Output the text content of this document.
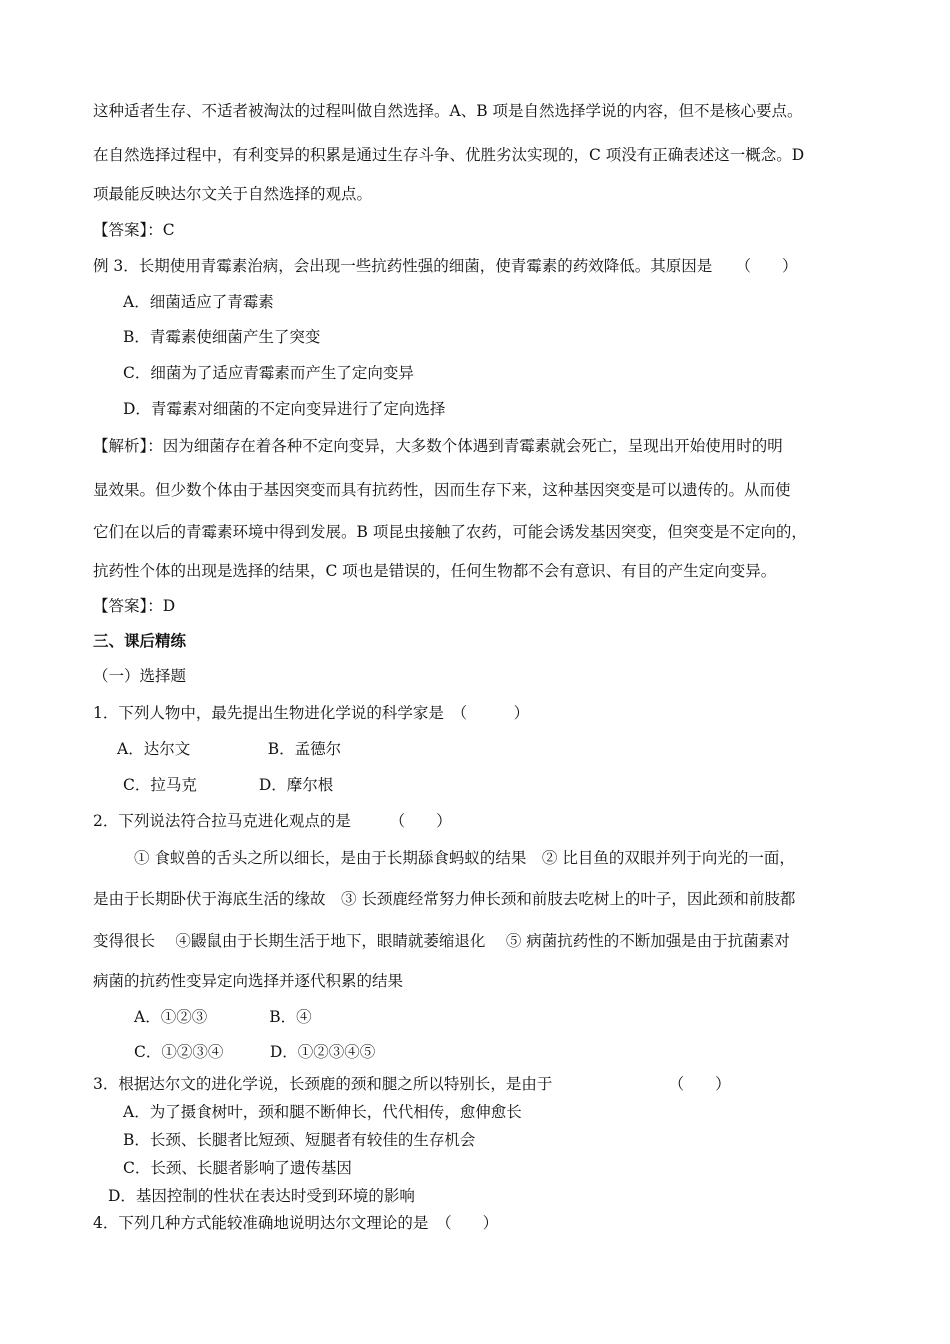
这种适者生存、不适者被淘汰的过程叫做自然选择。A、B 项是自然选择学说的内容，但不是核心要点。
在自然选择过程中，有利变异的积累是通过生存斗争、优胜劣汰实现的，C 项没有正确表述这一概念。D
项最能反映达尔文关于自然选择的观点。
【答案】：C
例 3．长期使用青霉素治病，会出现一些抗药性强的细菌，使青霉素的药效降低。其原因是　　（　　）
A．细菌适应了青霉素
B．青霉素使细菌产生了突变
C．细菌为了适应青霉素而产生了定向变异
D．青霉素对细菌的不定向变异进行了定向选择
【解析】：因为细菌存在着各种不定向变异，大多数个体遇到青霉素就会死亡，呈现出开始使用时的明
显效果。但少数个体由于基因突变而具有抗药性，因而生存下来，这种基因突变是可以遗传的。从而使
它们在以后的青霉素环境中得到发展。B 项昆虫接触了农药，可能会诱发基因突变，但突变是不定向的，
抗药性个体的出现是选择的结果，C 项也是错误的，任何生物都不会有意识、有目的产生定向变异。
【答案】：D
三、课后精练
（一）选择题
1．下列人物中，最先提出生物进化学说的科学家是　（　　　）
A．达尔文　　　　　B．孟德尔
C．拉马克　　　　D．摩尔根
2．下列说法符合拉马克进化观点的是　　　（　　）
① 食蚁兽的舌头之所以细长，是由于长期舔食蚂蚁的结果　② 比目鱼的双眼并列于向光的一面，
是由于长期卧伏于海底生活的缘故　③ 长颈鹿经常努力伸长颈和前肢去吃树上的叶子，因此颈和前肢都
变得很长　 ④鼹鼠由于长期生活于地下，眼睛就萎缩退化　 ⑤ 病菌抗药性的不断加强是由于抗菌素对
病菌的抗药性变异定向选择并逐代积累的结果
A．①②③　　　　B．④
C．①②③④　　　D．①②③④⑤
3．根据达尔文的进化学说，长颈鹿的颈和腿之所以特别长，是由于　　　　　　　　（　　）
A．为了摄食树叶，颈和腿不断伸长，代代相传，愈伸愈长
B．长颈、长腿者比短颈、短腿者有较佳的生存机会
C．长颈、长腿者影响了遗传基因
D．基因控制的性状在表达时受到环境的影响
4．下列几种方式能较准确地说明达尔文理论的是　（　　）
